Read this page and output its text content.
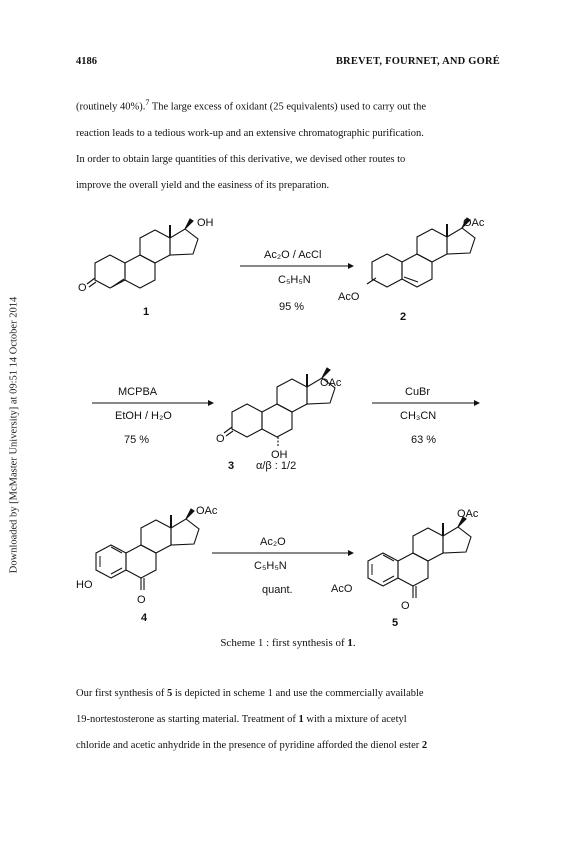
4186	BREVET, FOURNET, AND GORÉ
Downloaded by [McMaster University] at 09:51 14 October 2014

(routinely 40%).$^7$ The large excess of oxidant (25 equivalents) used to carry out the

reaction leads to a tedious work-up and an extensive chromatographic purification.

In order to obtain large quantities of this derivative, we devised other routes to

improve the overall yield and the easiness of its preparation.

OH
O
1
Ac₂O / AcCl
C₅H₅N
95 %
OAc
AcO
2
MCPBA
EtOH / H₂O
75 %
OAc
O
OH
3 α/β : 1/2
CuBr
CH₃CN
63 %
OAc
HO
O
4
Ac₂O
C₅H₅N
quant.
OAc
AcO
O
5
Scheme 1 : first synthesis of 1.

Our first synthesis of 5 is depicted in scheme 1 and use the commercially available

19-nortestosterone as starting material. Treatment of 1 with a mixture of acetyl

chloride and acetic anhydride in the presence of pyridine afforded the dienol ester 2
